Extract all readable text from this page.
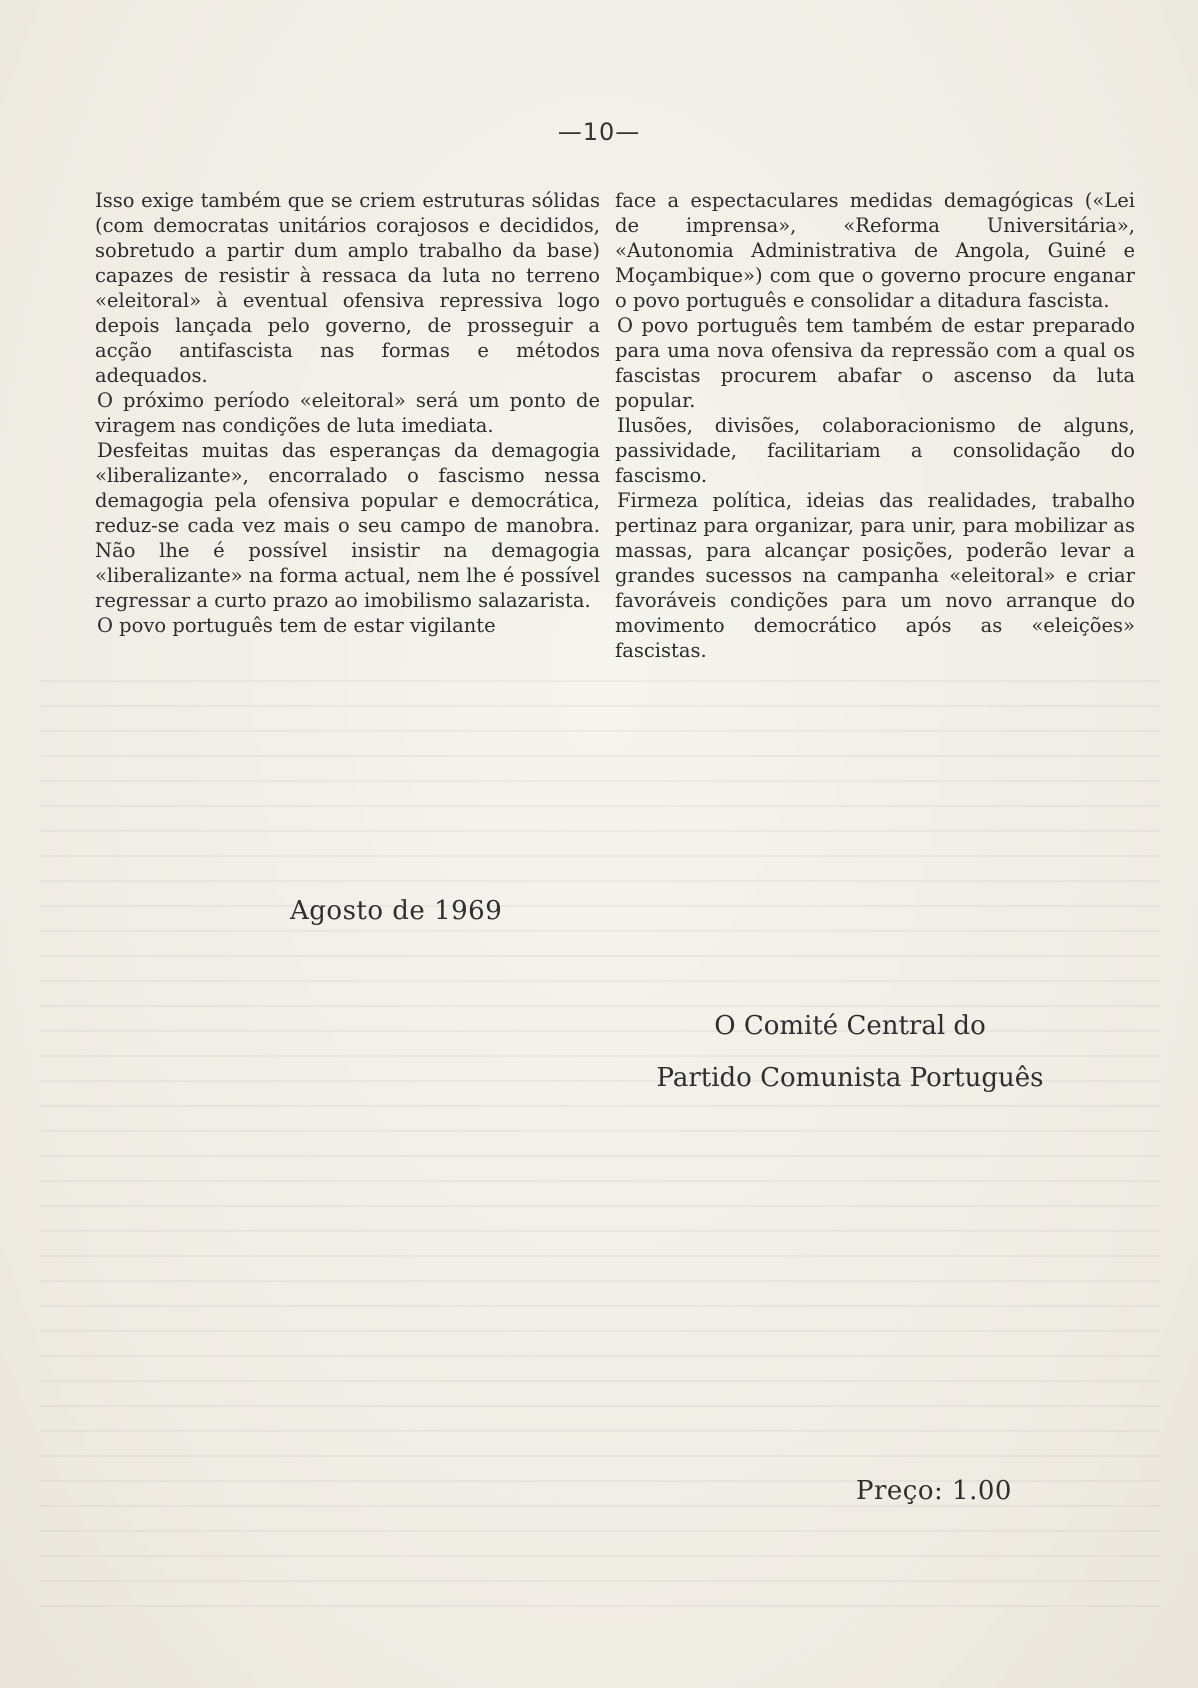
—10—

Isso exige também que se criem estruturas sólidas (com democratas unitários corajosos e decididos, sobretudo a partir dum amplo trabalho da base) capazes de resistir à ressaca da luta no terreno «eleitoral» à eventual ofensiva repressiva logo depois lançada pelo governo, de prosseguir a acção antifascista nas formas e métodos adequados.

O próximo período «eleitoral» será um ponto de viragem nas condições de luta imediata.

Desfeitas muitas das esperanças da demagogia «liberalizante», encorralado o fascismo nessa demagogia pela ofensiva popular e democrática, reduz-se cada vez mais o seu campo de manobra. Não lhe é possível insistir na demagogia «liberalizante» na forma actual, nem lhe é possível regressar a curto prazo ao imobilismo salazarista.

O povo português tem de estar vigilante

face a espectaculares medidas demagógicas («Lei de imprensa», «Reforma Universitária», «Autonomia Administrativa de Angola, Guiné e Moçambique») com que o governo procure enganar o povo português e consolidar a ditadura fascista.

O povo português tem também de estar preparado para uma nova ofensiva da repressão com a qual os fascistas procurem abafar o ascenso da luta popular.

Ilusões, divisões, colaboracionismo de alguns, passividade, facilitariam a consolidação do fascismo.

Firmeza política, ideias das realidades, trabalho pertinaz para organizar, para unir, para mobilizar as massas, para alcançar posições, poderão levar a grandes sucessos na campanha «eleitoral» e criar favoráveis condições para um novo arranque do movimento democrático após as «eleições» fascistas.

Agosto de 1969
O Comité Central do
Partido Comunista Português
Preço: 1.00
